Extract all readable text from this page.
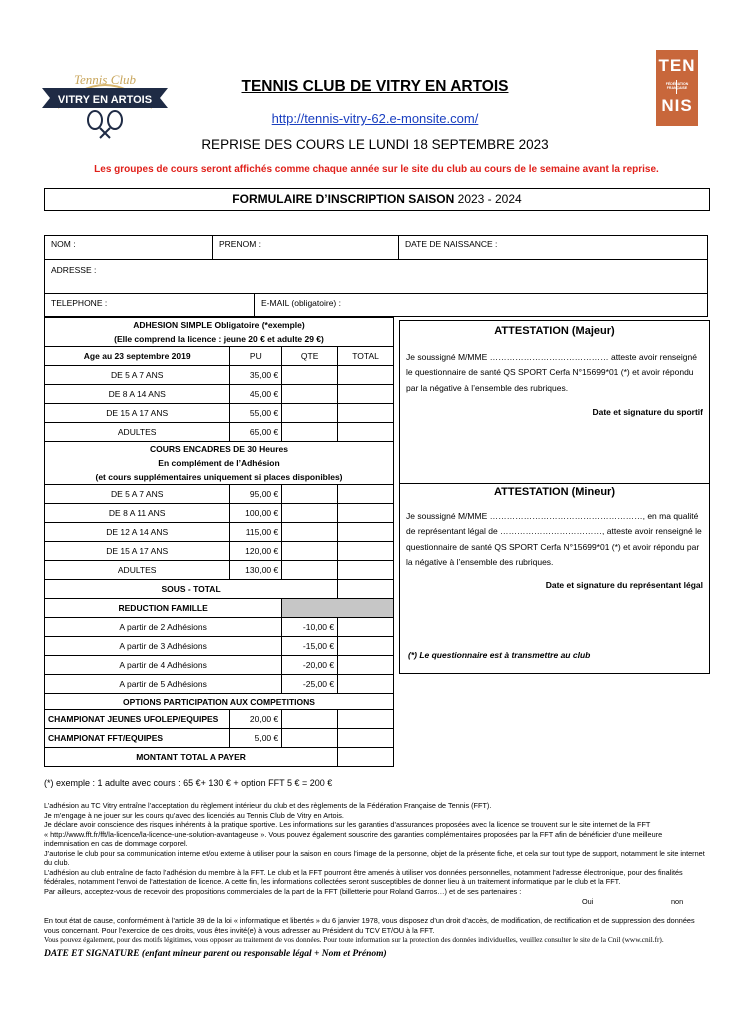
Tennis Club
VITRY EN ARTOIS
TEN
FÉDÉRATION FRANÇAISE
NIS
TENNIS CLUB DE VITRY EN ARTOIS
http://tennis-vitry-62.e-monsite.com/
REPRISE DES COURS LE LUNDI 18 SEPTEMBRE 2023
Les groupes de cours seront affichés comme chaque année sur le site du club au cours de le semaine avant la reprise.
FORMULAIRE D’INSCRIPTION SAISON 2023 - 2024
NOM :	PRENOM :	DATE DE NAISSANCE :
ADRESSE :
TELEPHONE :	E-MAIL (obligatoire) :
ADHESION SIMPLE Obligatoire (*exemple)			
(Elle comprend la licence : jeune 20 € et adulte 29 €)			
Age au 23 septembre 2019	PU	QTE	TOTAL
DE 5 A 7 ANS	35,00 €		
DE 8 A 14 ANS	45,00 €		
DE 15 A 17 ANS	55,00 €		
ADULTES	65,00 €		
COURS ENCADRES DE 30 Heures			
En complément de l’Adhésion			
(et cours supplémentaires uniquement si places disponibles)			
DE 5 A 7 ANS	95,00 €		
DE 8 A 11 ANS	100,00 €		
DE 12 A 14 ANS	115,00 €		
DE 15 A 17 ANS	120,00 €		
ADULTES	130,00 €		
SOUS - TOTAL			
REDUCTION FAMILLE			
A partir de 2 Adhésions		-10,00 €	
A partir de 3 Adhésions		-15,00 €	
A partir de 4 Adhésions		-20,00 €	
A partir de 5 Adhésions		-25,00 €	
OPTIONS PARTICIPATION AUX COMPETITIONS			
CHAMPIONAT JEUNES UFOLEP/EQUIPES	20,00 €		
CHAMPIONAT FFT/EQUIPES	5,00 €		
MONTANT TOTAL A PAYER			
ATTESTATION (Majeur)
Je soussigné M/MME …………………………………… atteste avoir renseigné le questionnaire de santé QS SPORT Cerfa N°15699*01 (*) et avoir répondu par la négative à l’ensemble des rubriques.
Date et signature du sportif
ATTESTATION (Mineur)
Je soussigné M/MME ………………………………………………, en ma qualité de représentant légal de ………………………………, atteste avoir renseigné le questionnaire de santé QS SPORT Cerfa N°15699*01 (*) et avoir répondu par la négative à l’ensemble des rubriques.
Date et signature du représentant légal
(*) Le questionnaire est à transmettre au club
(*) exemple : 1 adulte avec cours : 65 €+ 130 € + option FFT 5 € = 200 €
L’adhésion au TC Vitry entraîne l’acceptation du règlement intérieur du club et des règlements de la Fédération Française de Tennis (FFT).
Je m’engage à ne jouer sur les cours qu’avec des licenciés au Tennis Club de Vitry en Artois.
Je déclare avoir conscience des risques inhérents à la pratique sportive. Les informations sur les garanties d’assurances proposées avec la licence se trouvent sur le site internet de la FFT
« http://www.fft.fr/fft/la-licence/la-licence-une-solution-avantageuse ». Vous pouvez également souscrire des garanties complémentaires proposées par la FFT afin de bénéficier d’une meilleure indemnisation en cas de dommage corporel.
J’autorise le club pour sa communication interne et/ou externe à utiliser pour la saison en cours l’image de la personne, objet de la présente fiche, et cela sur tout type de support, notamment le site internet du club.
L’adhésion au club entraîne de facto l’adhésion du membre à la FFT. Le club et la FFT pourront être amenés à utiliser vos données personnelles, notamment l’adresse électronique, pour des finalités fédérales, notamment l’envoi de l’attestation de licence. A cette fin, les informations collectées seront susceptibles de donner lieu à un traitement informatique par le club et la FFT.
Par ailleurs, acceptez-vous de recevoir des propositions commerciales de la part de la FFT (billetterie pour Roland Garros…) et de ses partenaires :
Oui	non
En tout état de cause, conformément à l’article 39 de la loi « informatique et libertés » du 6 janvier 1978, vous disposez d’un droit d’accès, de modification, de rectification et de suppression des données vous concernant. Pour l’exercice de ces droits, vous êtes invité(e) à vous adresser au Président du TCV ET/OU à la FFT.
Vous pouvez également, pour des motifs légitimes, vous opposer au traitement de vos données. Pour toute information sur la protection des données individuelles, veuillez consulter le site de la Cnil (www.cnil.fr).
DATE ET SIGNATURE (enfant mineur parent ou responsable légal + Nom et Prénom)
